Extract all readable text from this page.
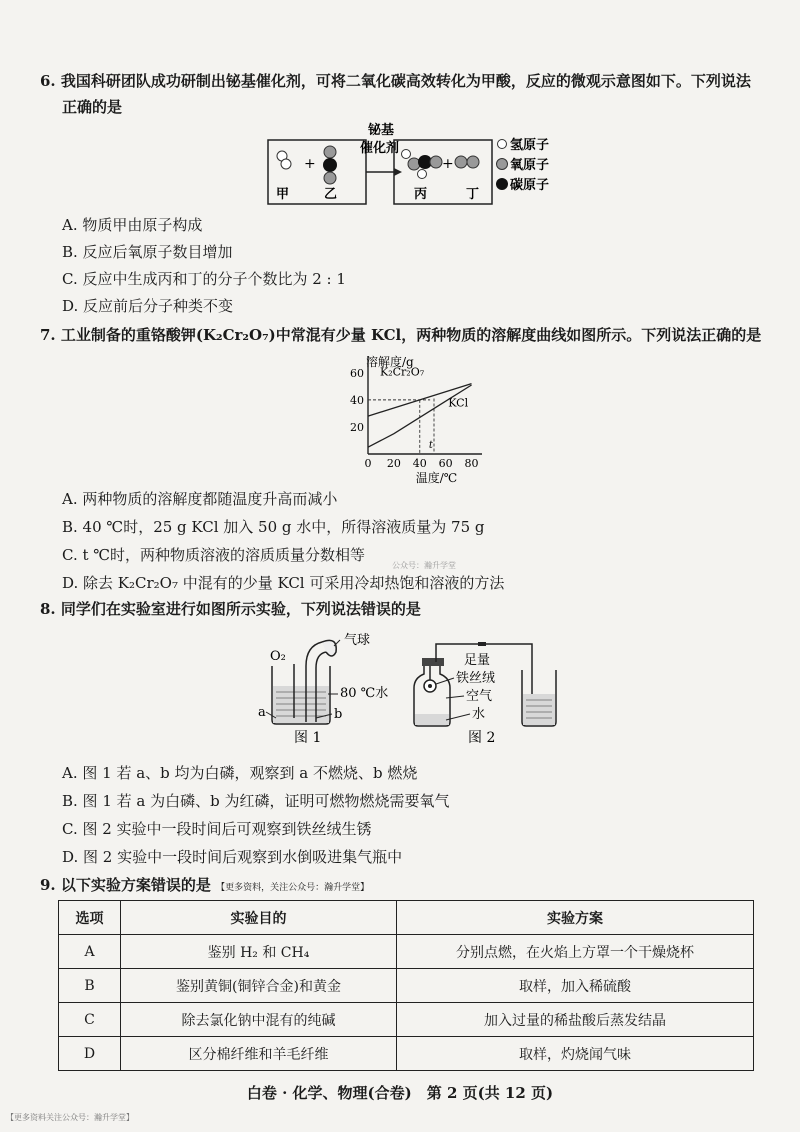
6. 我国科研团队成功研制出铋基催化剂，可将二氧化碳高效转化为甲酸，反应的微观示意图如下。下列说法
正确的是
+
甲	乙
铋基
催化剂
+
丙	丁
氢原子
氧原子
碳原子
A. 物质甲由原子构成
B. 反应后氧原子数目增加
C. 反应中生成丙和丁的分子个数比为 2 : 1
D. 反应前后分子种类不变
7. 工业制备的重铬酸钾(K₂Cr₂O₇)中常混有少量 KCl，两种物质的溶解度曲线如图所示。下列说法正确的是
溶解度/g
温度/℃
0 20 40 60 80
20
40
60
t
K₂Cr₂O₇
KCl
A. 两种物质的溶解度都随温度升高而减小
B. 40 ℃时，25 g KCl 加入 50 g 水中，所得溶液质量为 75 g
C. t ℃时，两种物质溶液的溶质质量分数相等
公众号：瀚升学堂
D. 除去 K₂Cr₂O₇ 中混有的少量 KCl 可采用冷却热饱和溶液的方法
8. 同学们在实验室进行如图所示实验，下列说法错误的是
O₂
气球
80 ℃水
a	b
图 1
足量
铁丝绒
空气
水
图 2
A. 图 1 若 a、b 均为白磷，观察到 a 不燃烧、b 燃烧
B. 图 1 若 a 为白磷、b 为红磷，证明可燃物燃烧需要氧气
C. 图 2 实验中一段时间后可观察到铁丝绒生锈
D. 图 2 实验中一段时间后观察到水倒吸进集气瓶中
9. 以下实验方案错误的是 【更多资料，关注公众号：瀚升学堂】
选项	实验目的	实验方案
A	鉴别 H₂ 和 CH₄	分别点燃，在火焰上方罩一个干燥烧杯
B	鉴别黄铜(铜锌合金)和黄金	取样，加入稀硫酸
C	除去氯化钠中混有的纯碱	加入过量的稀盐酸后蒸发结晶
D	区分棉纤维和羊毛纤维	取样，灼烧闻气味
白卷 · 化学、物理(合卷)　第 2 页(共 12 页)
【更多资料关注公众号：瀚升学堂】
